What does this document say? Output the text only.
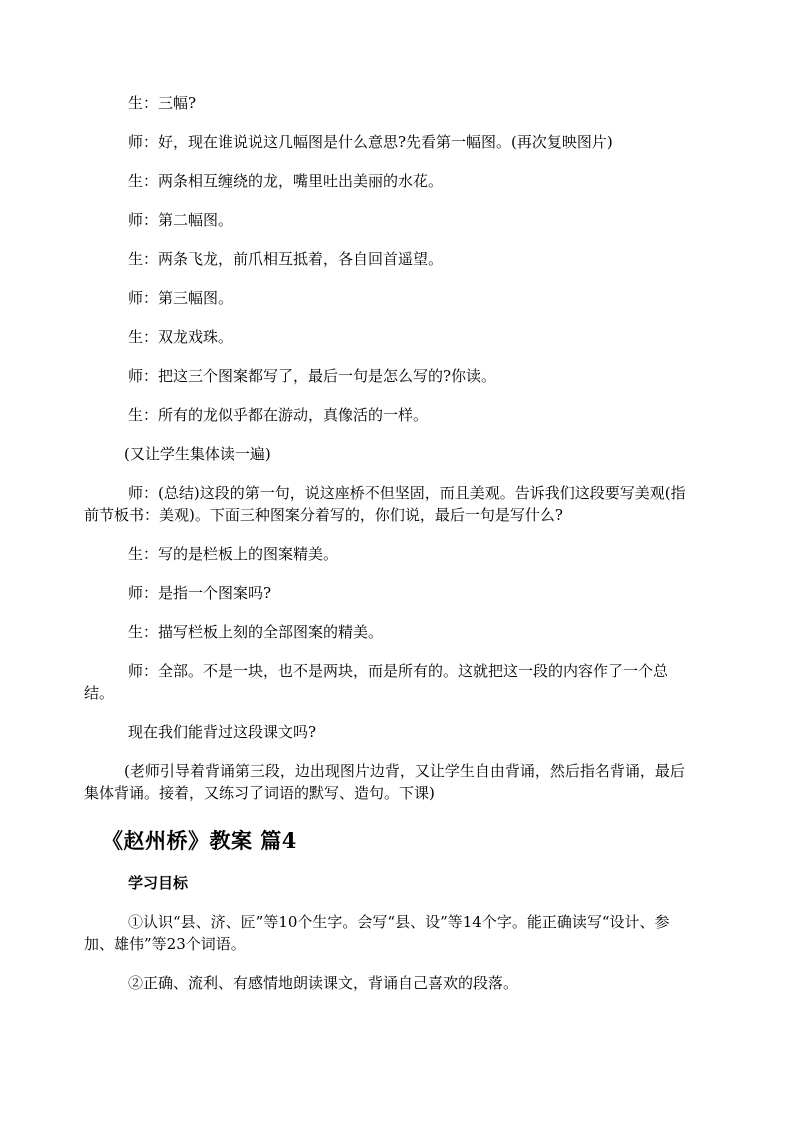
生：三幅?

师：好，现在谁说说这几幅图是什么意思?先看第一幅图。(再次复映图片)

生：两条相互缠绕的龙，嘴里吐出美丽的水花。

师：第二幅图。

生：两条飞龙，前爪相互抵着，各自回首遥望。

师：第三幅图。

生：双龙戏珠。

师：把这三个图案都写了，最后一句是怎么写的?你读。

生：所有的龙似乎都在游动，真像活的一样。

(又让学生集体读一遍)

师：(总结)这段的第一句，说这座桥不但坚固，而且美观。告诉我们这段要写美观(指前节板书：美观)。下面三种图案分着写的，你们说，最后一句是写什么?

生：写的是栏板上的图案精美。

师：是指一个图案吗?

生：描写栏板上刻的全部图案的精美。

师：全部。不是一块，也不是两块，而是所有的。这就把这一段的内容作了一个总结。

现在我们能背过这段课文吗?

(老师引导着背诵第三段，边出现图片边背，又让学生自由背诵，然后指名背诵，最后集体背诵。接着，又练习了词语的默写、造句。下课)

《赵州桥》教案 篇4

学习目标

①认识“县、济、匠”等10个生字。会写“县、设”等14个字。能正确读写“设计、参加、雄伟”等23个词语。

②正确、流利、有感情地朗读课文，背诵自己喜欢的段落。
